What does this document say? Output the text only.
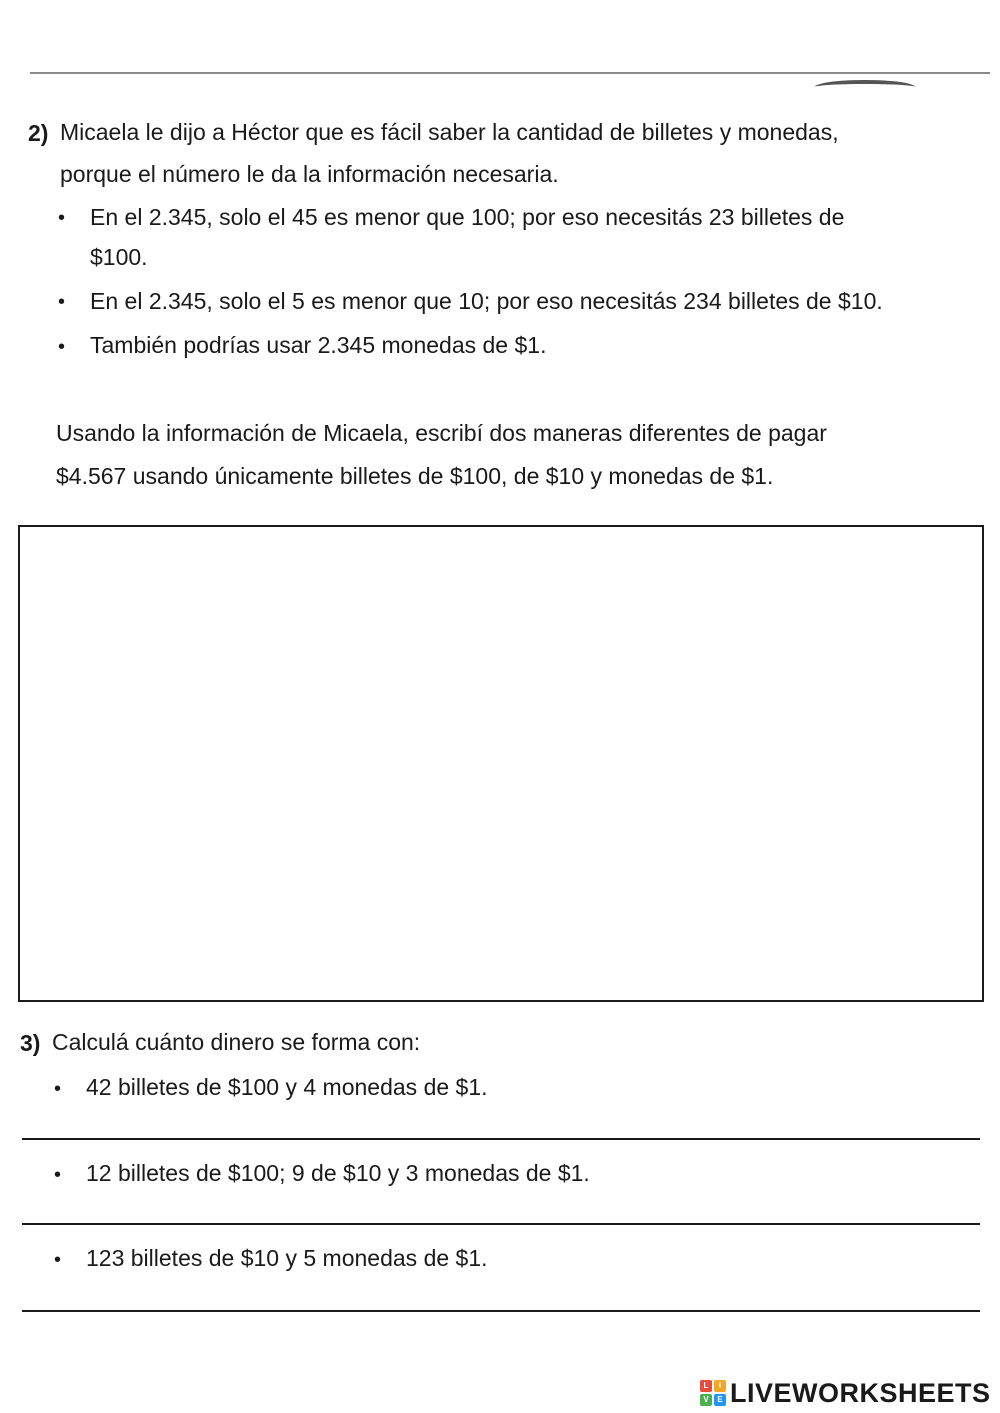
2) Micaela le dijo a Héctor que es fácil saber la cantidad de billetes y monedas,
porque el número le da la información necesaria.
• En el 2.345, solo el 45 es menor que 100; por eso necesitás 23 billetes de
$100.
• En el 2.345, solo el 5 es menor que 10; por eso necesitás 234 billetes de $10.
• También podrías usar 2.345 monedas de $1.
Usando la información de Micaela, escribí dos maneras diferentes de pagar
$4.567 usando únicamente billetes de $100, de $10 y monedas de $1.
3) Calculá cuánto dinero se forma con:
• 42 billetes de $100 y 4 monedas de $1.
• 12 billetes de $100; 9 de $10 y 3 monedas de $1.
• 123 billetes de $10 y 5 monedas de $1.
L	I
V	E LIVEWORKSHEETS
